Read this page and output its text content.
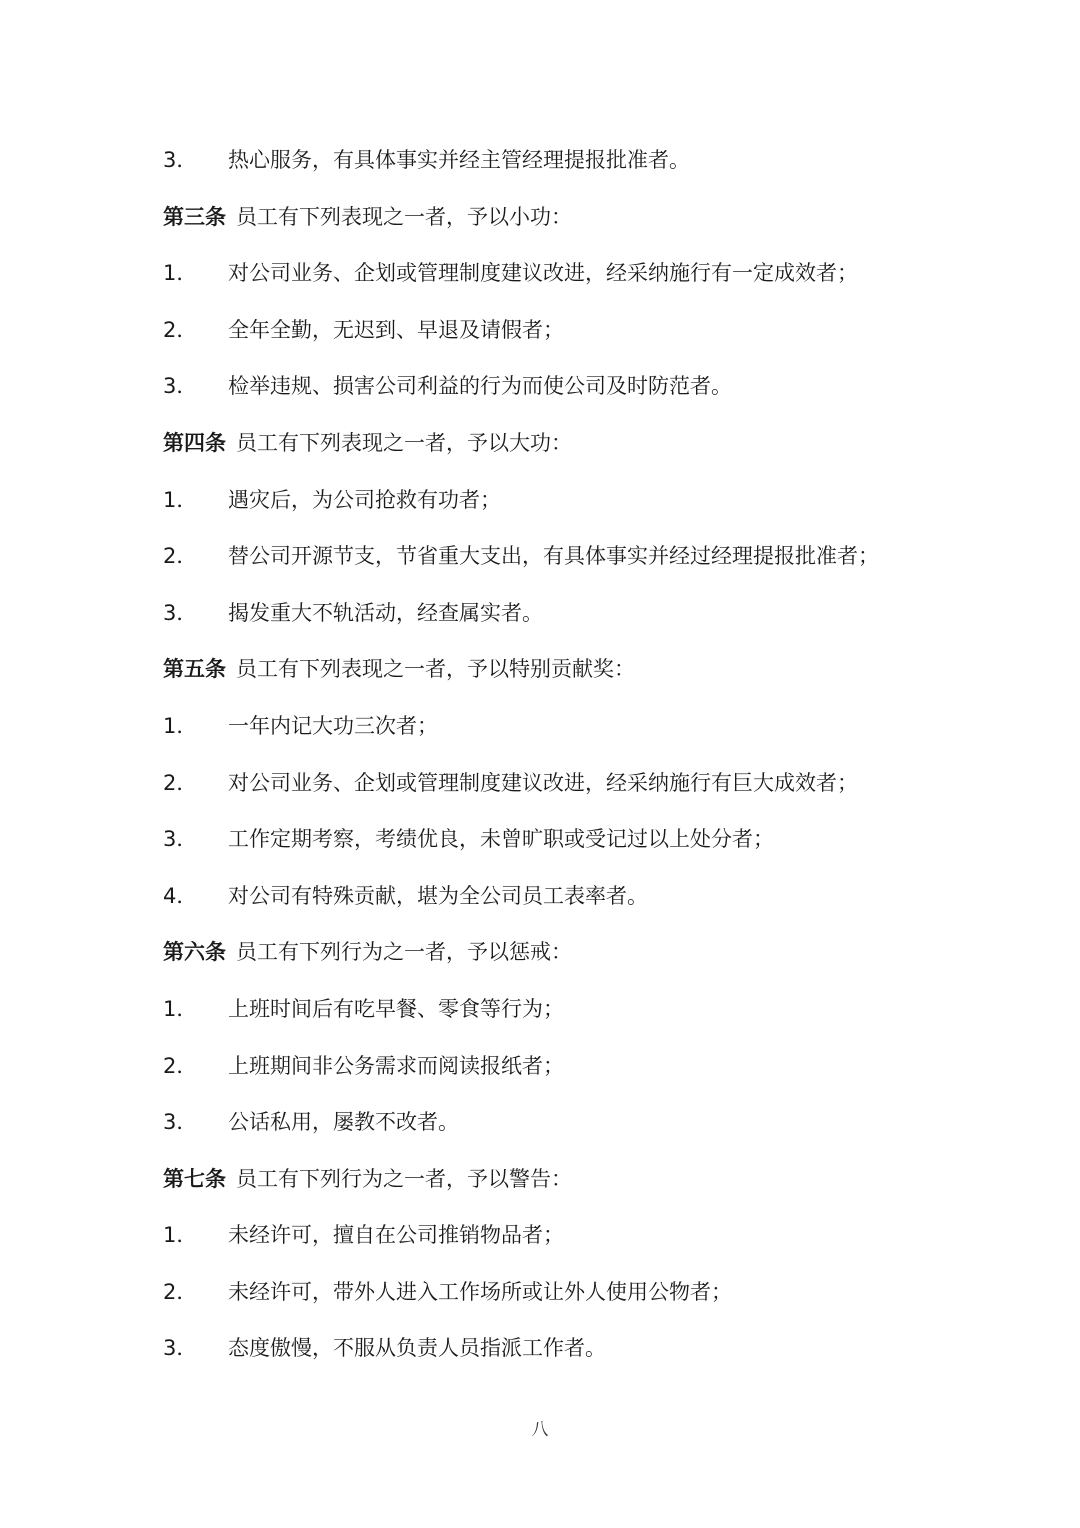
3． 热心服务，有具体事实并经主管经理提报批准者。
第三条 员工有下列表现之一者，予以小功：
1． 对公司业务、企划或管理制度建议改进，经采纳施行有一定成效者；
2． 全年全勤，无迟到、早退及请假者；
3． 检举违规、损害公司利益的行为而使公司及时防范者。
第四条 员工有下列表现之一者，予以大功：
1． 遇灾后，为公司抢救有功者；
2． 替公司开源节支，节省重大支出，有具体事实并经过经理提报批准者；
3． 揭发重大不轨活动，经查属实者。
第五条 员工有下列表现之一者，予以特别贡献奖：
1． 一年内记大功三次者；
2． 对公司业务、企划或管理制度建议改进，经采纳施行有巨大成效者；
3． 工作定期考察，考绩优良，未曾旷职或受记过以上处分者；
4． 对公司有特殊贡献，堪为全公司员工表率者。
第六条 员工有下列行为之一者，予以惩戒：
1． 上班时间后有吃早餐、零食等行为；
2． 上班期间非公务需求而阅读报纸者；
3． 公话私用，屡教不改者。
第七条 员工有下列行为之一者，予以警告：
1． 未经许可，擅自在公司推销物品者；
2． 未经许可，带外人进入工作场所或让外人使用公物者；
3． 态度傲慢，不服从负责人员指派工作者。
八
